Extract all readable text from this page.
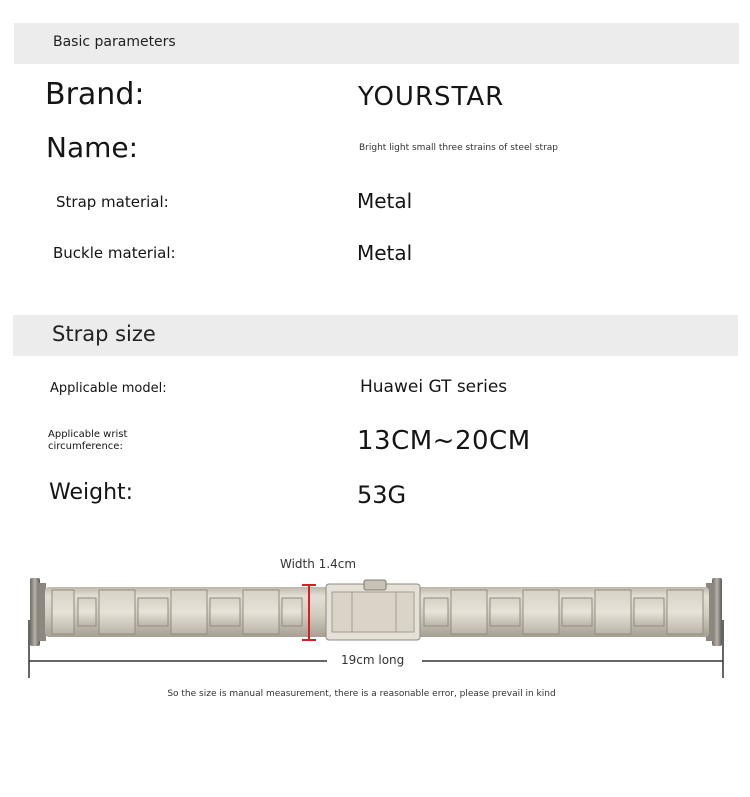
Basic parameters
Brand:	YOURSTAR
Name:	Bright light small three strains of steel strap
Strap material:	Metal
Buckle material:	Metal
Strap size
Applicable model:	Huawei GT series
Applicable wrist circumference:	13CM~20CM
Weight:	53G
Width 1.4cm
19cm long
So the size is manual measurement, there is a reasonable error, please prevail in kind
